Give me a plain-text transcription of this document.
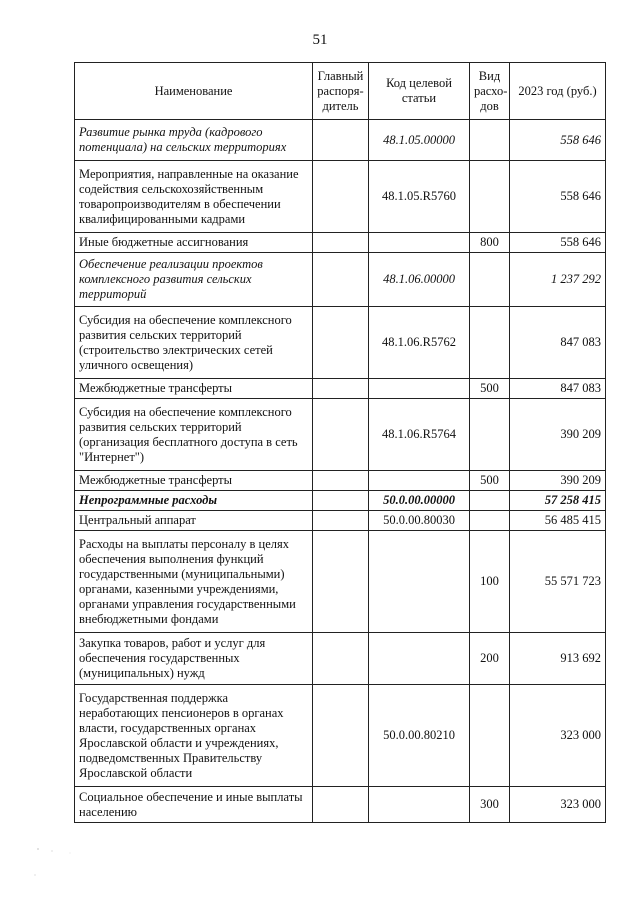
51
Наименование	Главный распоря-дитель	Код целевой статьи	Вид расхо-дов	2023 год (руб.)
Развитие рынка труда (кадрового потенциала) на сельских территориях		48.1.05.00000		558 646
Мероприятия, направленные на оказание содействия сельскохозяйственным товаропроизводителям в обеспечении квалифицированными кадрами		48.1.05.R5760		558 646
Иные бюджетные ассигнования			800	558 646
Обеспечение реализации проектов комплексного развития сельских территорий		48.1.06.00000		1 237 292
Субсидия на обеспечение комплексного развития сельских территорий (строительство электрических сетей уличного освещения)		48.1.06.R5762		847 083
Межбюджетные трансферты			500	847 083
Субсидия на обеспечение комплексного развития сельских территорий (организация бесплатного доступа в сеть "Интернет")		48.1.06.R5764		390 209
Межбюджетные трансферты			500	390 209
Непрограммные расходы		50.0.00.00000		57 258 415
Центральный аппарат		50.0.00.80030		56 485 415
Расходы на выплаты персоналу в целях обеспечения выполнения функций государственными (муниципальными) органами, казенными учреждениями, органами управления государственными внебюджетными фондами			100	55 571 723
Закупка товаров, работ и услуг для обеспечения государственных (муниципальных) нужд			200	913 692
Государственная поддержка неработающих пенсионеров в органах власти, государственных органах Ярославской области и учреждениях, подведомственных Правительству Ярославской области		50.0.00.80210		323 000
Социальное обеспечение и иные выплаты населению			300	323 000
